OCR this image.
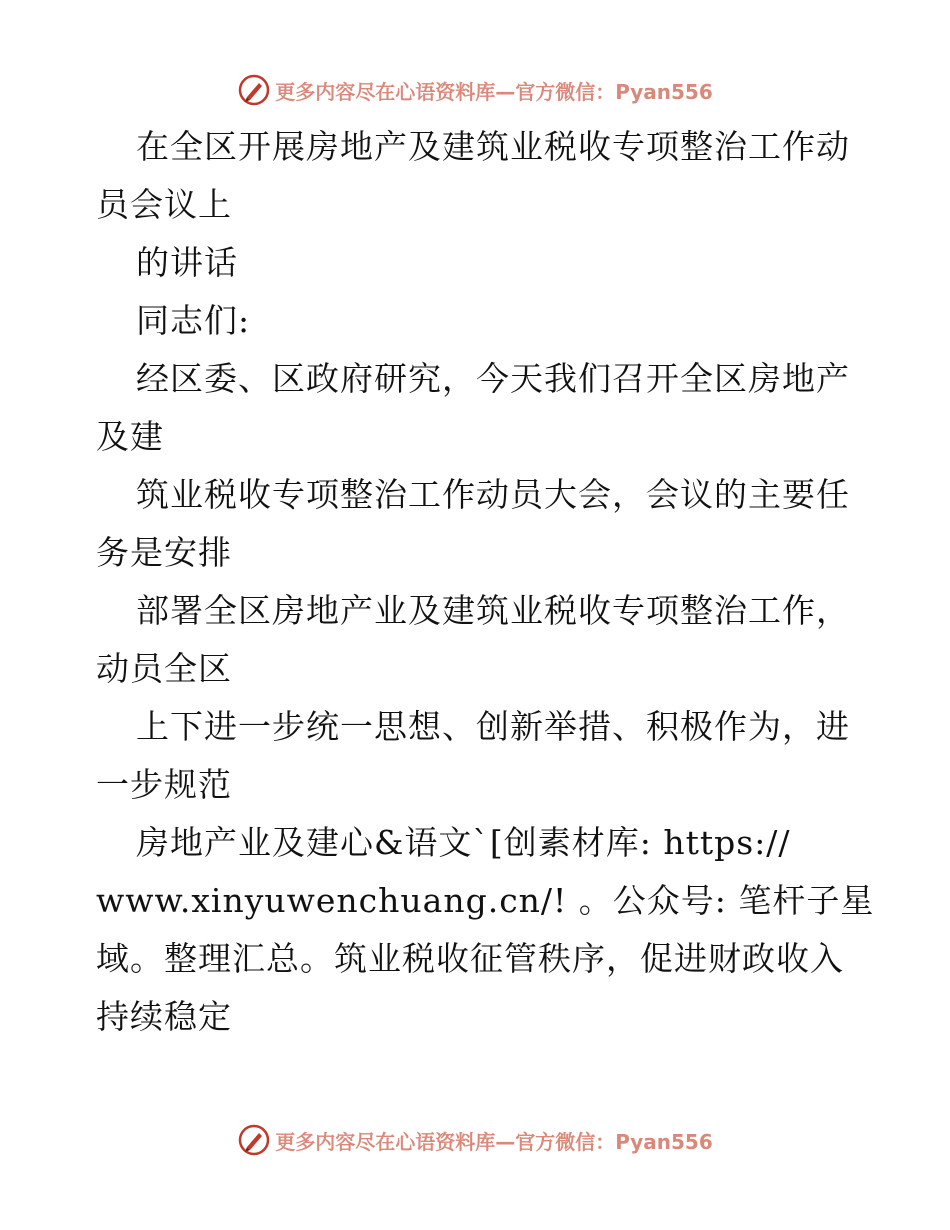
更多内容尽在心语资料库—官方微信：Pyan556
在全区开展房地产及建筑业税收专项整治工作动
员会议上
的讲话
同志们:
经区委、区政府研究，今天我们召开全区房地产
及建
筑业税收专项整治工作动员大会，会议的主要任
务是安排
部署全区房地产业及建筑业税收专项整治工作，
动员全区
上下进一步统一思想、创新举措、积极作为，进
一步规范
房地产业及建心&语文`[创素材库: https://
www.xinyuwenchuang.cn/! 。公众号: 笔杆子星
域。整理汇总。筑业税收征管秩序，促进财政收入
持续稳定
更多内容尽在心语资料库—官方微信：Pyan556
